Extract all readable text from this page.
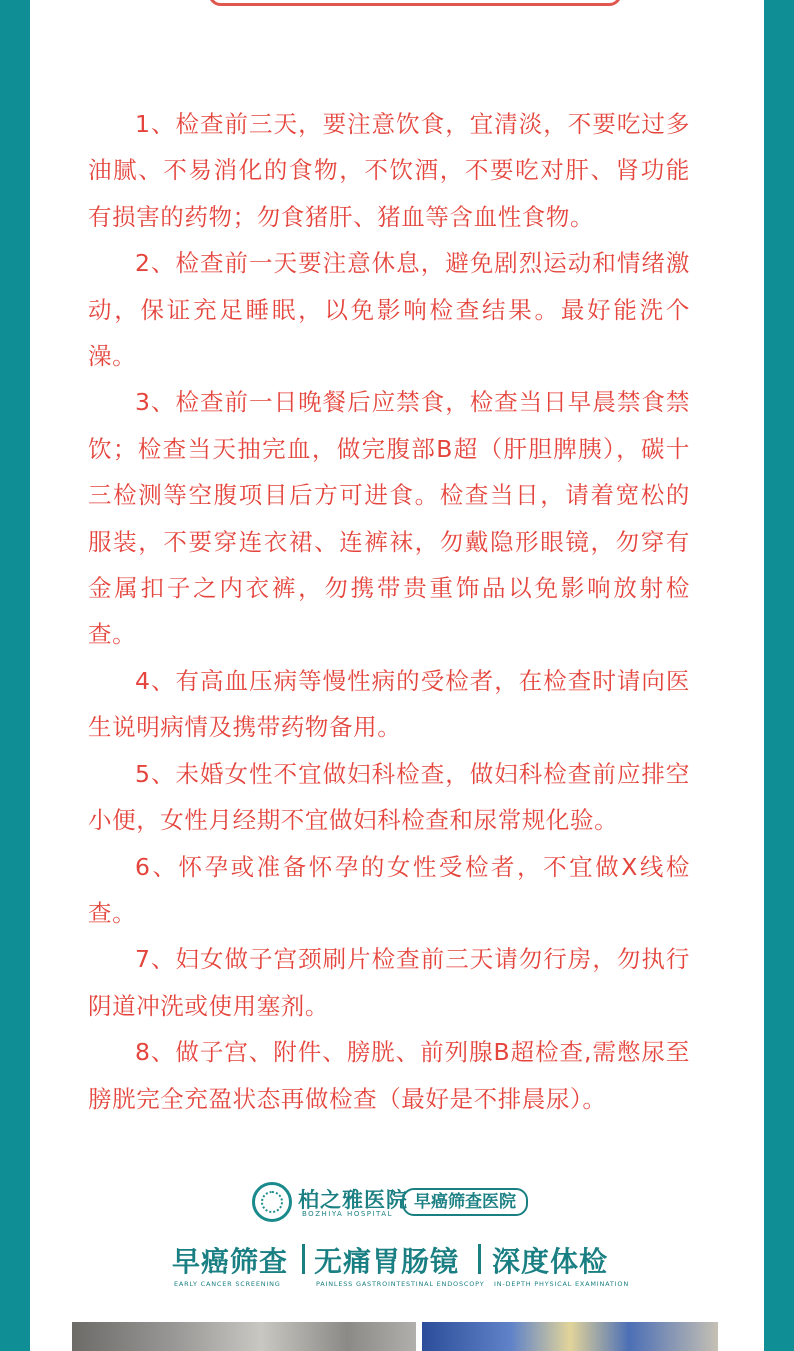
1、检查前三天，要注意饮食，宜清淡，不要吃过多油腻、不易消化的食物，不饮酒，不要吃对肝、肾功能有损害的药物；勿食猪肝、猪血等含血性食物。

2、检查前一天要注意休息，避免剧烈运动和情绪激动，保证充足睡眠，以免影响检查结果。最好能洗个澡。

3、检查前一日晚餐后应禁食，检查当日早晨禁食禁饮；检查当天抽完血，做完腹部B超（肝胆脾胰），碳十三检测等空腹项目后方可进食。检查当日，请着宽松的服装，不要穿连衣裙、连裤袜，勿戴隐形眼镜，勿穿有金属扣子之内衣裤，勿携带贵重饰品以免影响放射检查。

4、有高血压病等慢性病的受检者，在检查时请向医生说明病情及携带药物备用。

5、未婚女性不宜做妇科检查，做妇科检查前应排空小便，女性月经期不宜做妇科检查和尿常规化验。

6、怀孕或准备怀孕的女性受检者，不宜做X线检查。

7、妇女做子宫颈刷片检查前三天请勿行房，勿执行阴道冲洗或使用塞剂。

8、做子宫、附件、膀胱、前列腺B超检查,需憋尿至膀胱完全充盈状态再做检查（最好是不排晨尿）。

柏之雅医院
BOZHIYA HOSPITAL
早癌筛查医院
早癌筛查
EARLY CANCER SCREENING
无痛胃肠镜
PAINLESS GASTROINTESTINAL ENDOSCOPY
深度体检
IN-DEPTH PHYSICAL EXAMINATION
